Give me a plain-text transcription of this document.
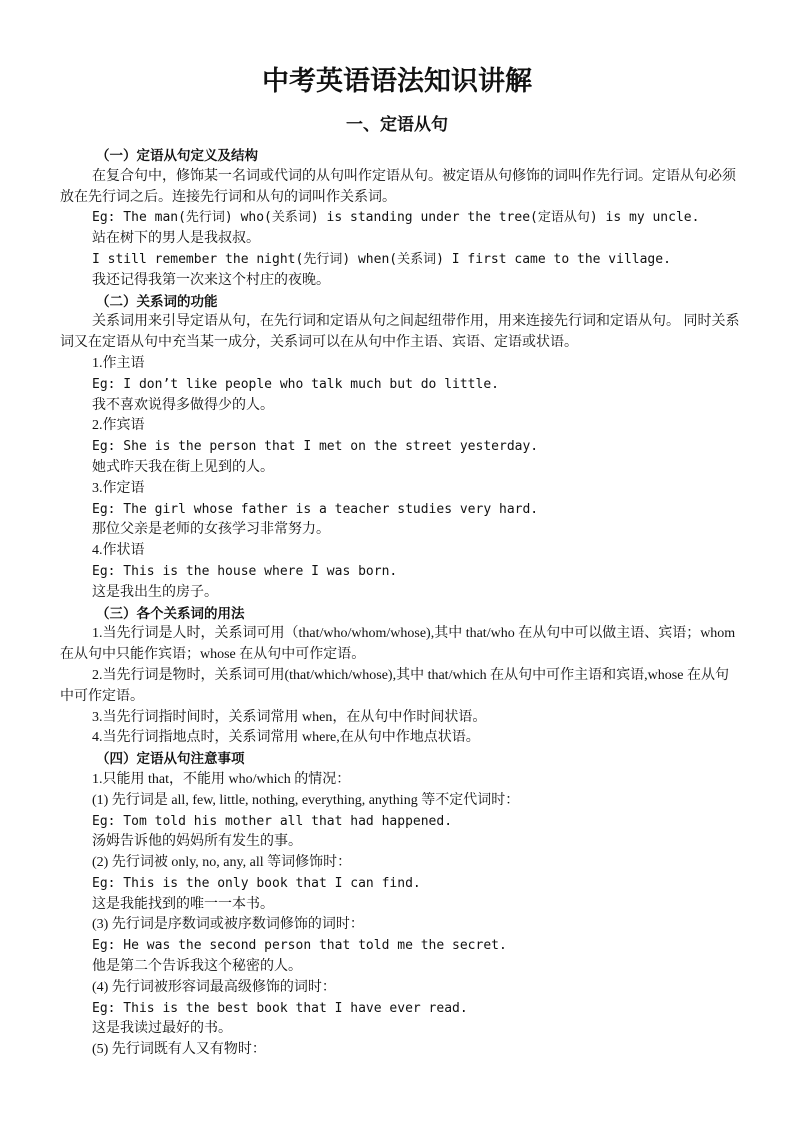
中考英语语法知识讲解
一、定语从句

（一）定语从句定义及结构

在复合句中，修饰某一名词或代词的从句叫作定语从句。被定语从句修饰的词叫作先行词。定语从句必须放在先行词之后。连接先行词和从句的词叫作关系词。

Eg: The man(先行词) who(关系词) is standing under the tree(定语从句) is my uncle.

站在树下的男人是我叔叔。

I still remember the night(先行词) when(关系词) I first came to the village.

我还记得我第一次来这个村庄的夜晚。

（二）关系词的功能

关系词用来引导定语从句，在先行词和定语从句之间起纽带作用，用来连接先行词和定语从句。 同时关系词又在定语从句中充当某一成分，关系词可以在从句中作主语、宾语、定语或状语。

1.作主语

Eg: I don’t like people who talk much but do little.

我不喜欢说得多做得少的人。

2.作宾语

Eg: She is the person that I met on the street yesterday.

她式昨天我在街上见到的人。

3.作定语

Eg: The girl whose father is a teacher studies very hard.

那位父亲是老师的女孩学习非常努力。

4.作状语

Eg: This is the house where I was born.

这是我出生的房子。

（三）各个关系词的用法

1.当先行词是人时，关系词可用（that/who/whom/whose),其中 that/who 在从句中可以做主语、宾语；whom 在从句中只能作宾语；whose 在从句中可作定语。

2.当先行词是物时，关系词可用(that/which/whose),其中 that/which 在从句中可作主语和宾语,whose 在从句中可作定语。

3.当先行词指时间时，关系词常用 when，在从句中作时间状语。

4.当先行词指地点时，关系词常用 where,在从句中作地点状语。

（四）定语从句注意事项

1.只能用 that，不能用 who/which 的情况：

(1) 先行词是 all, few, little, nothing, everything, anything 等不定代词时：

Eg: Tom told his mother all that had happened.

汤姆告诉他的妈妈所有发生的事。

(2) 先行词被 only, no, any, all 等词修饰时：

Eg: This is the only book that I can find.

这是我能找到的唯一一本书。

(3) 先行词是序数词或被序数词修饰的词时：

Eg: He was the second person that told me the secret.

他是第二个告诉我这个秘密的人。

(4) 先行词被形容词最高级修饰的词时：

Eg: This is the best book that I have ever read.

这是我读过最好的书。

(5) 先行词既有人又有物时：
